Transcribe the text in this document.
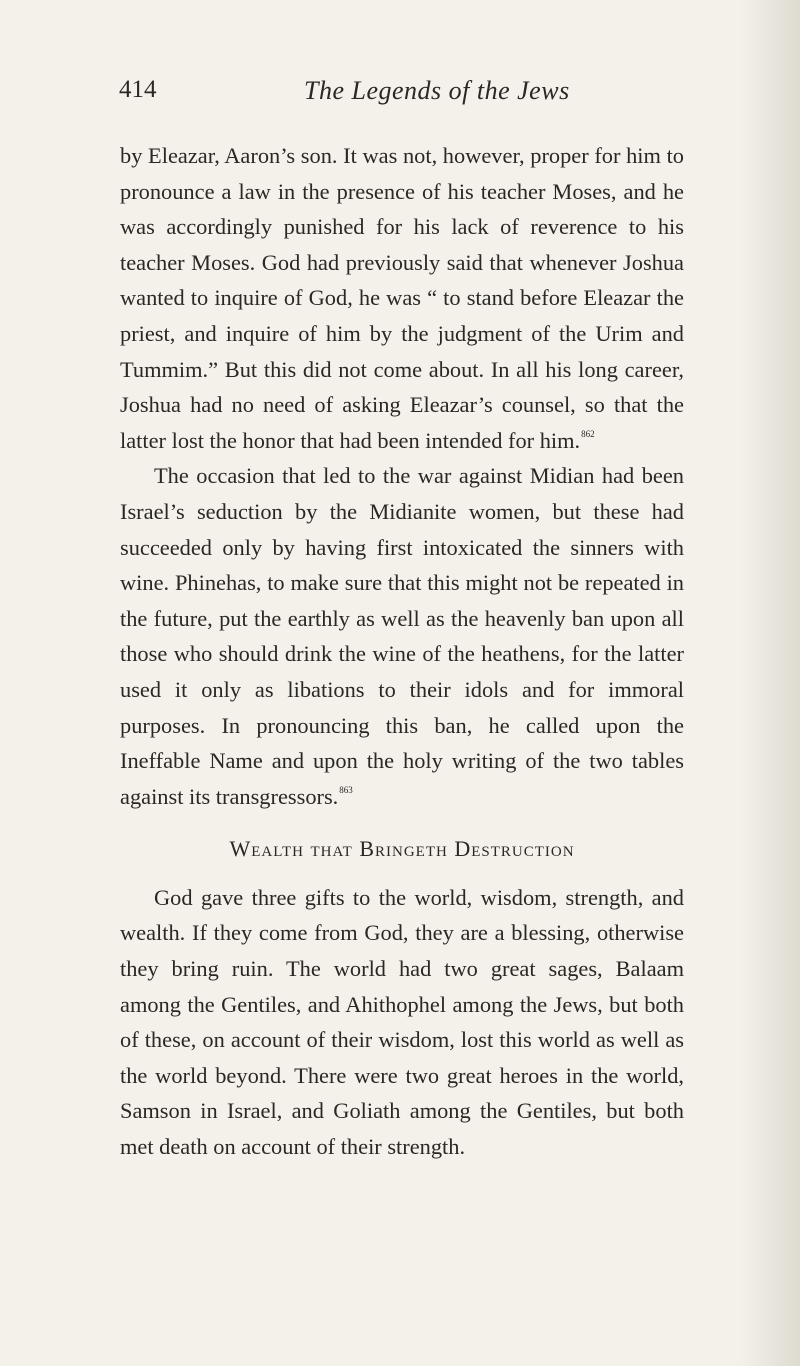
414	The Legends of the Jews

by Eleazar, Aaron’s son. It was not, however, proper for him to pronounce a law in the presence of his teacher Moses, and he was accordingly punished for his lack of reverence to his teacher Moses. God had previously said that whenever Joshua wanted to inquire of God, he was “ to stand before Eleazar the priest, and inquire of him by the judgment of the Urim and Tummim.” But this did not come about. In all his long career, Joshua had no need of asking Eleazar’s counsel, so that the latter lost the honor that had been intended for him.$^{862}$

The occasion that led to the war against Midian had been Israel’s seduction by the Midianite women, but these had succeeded only by having first intoxicated the sinners with wine. Phinehas, to make sure that this might not be repeated in the future, put the earthly as well as the heavenly ban upon all those who should drink the wine of the heathens, for the latter used it only as libations to their idols and for immoral purposes. In pronouncing this ban, he called upon the Ineffable Name and upon the holy writing of the two tables against its transgressors.$^{863}$

Wealth that Bringeth Destruction

God gave three gifts to the world, wisdom, strength, and wealth. If they come from God, they are a blessing, otherwise they bring ruin. The world had two great sages, Balaam among the Gentiles, and Ahithophel among the Jews, but both of these, on account of their wisdom, lost this world as well as the world beyond. There were two great heroes in the world, Samson in Israel, and Goliath among the Gentiles, but both met death on account of their strength.
